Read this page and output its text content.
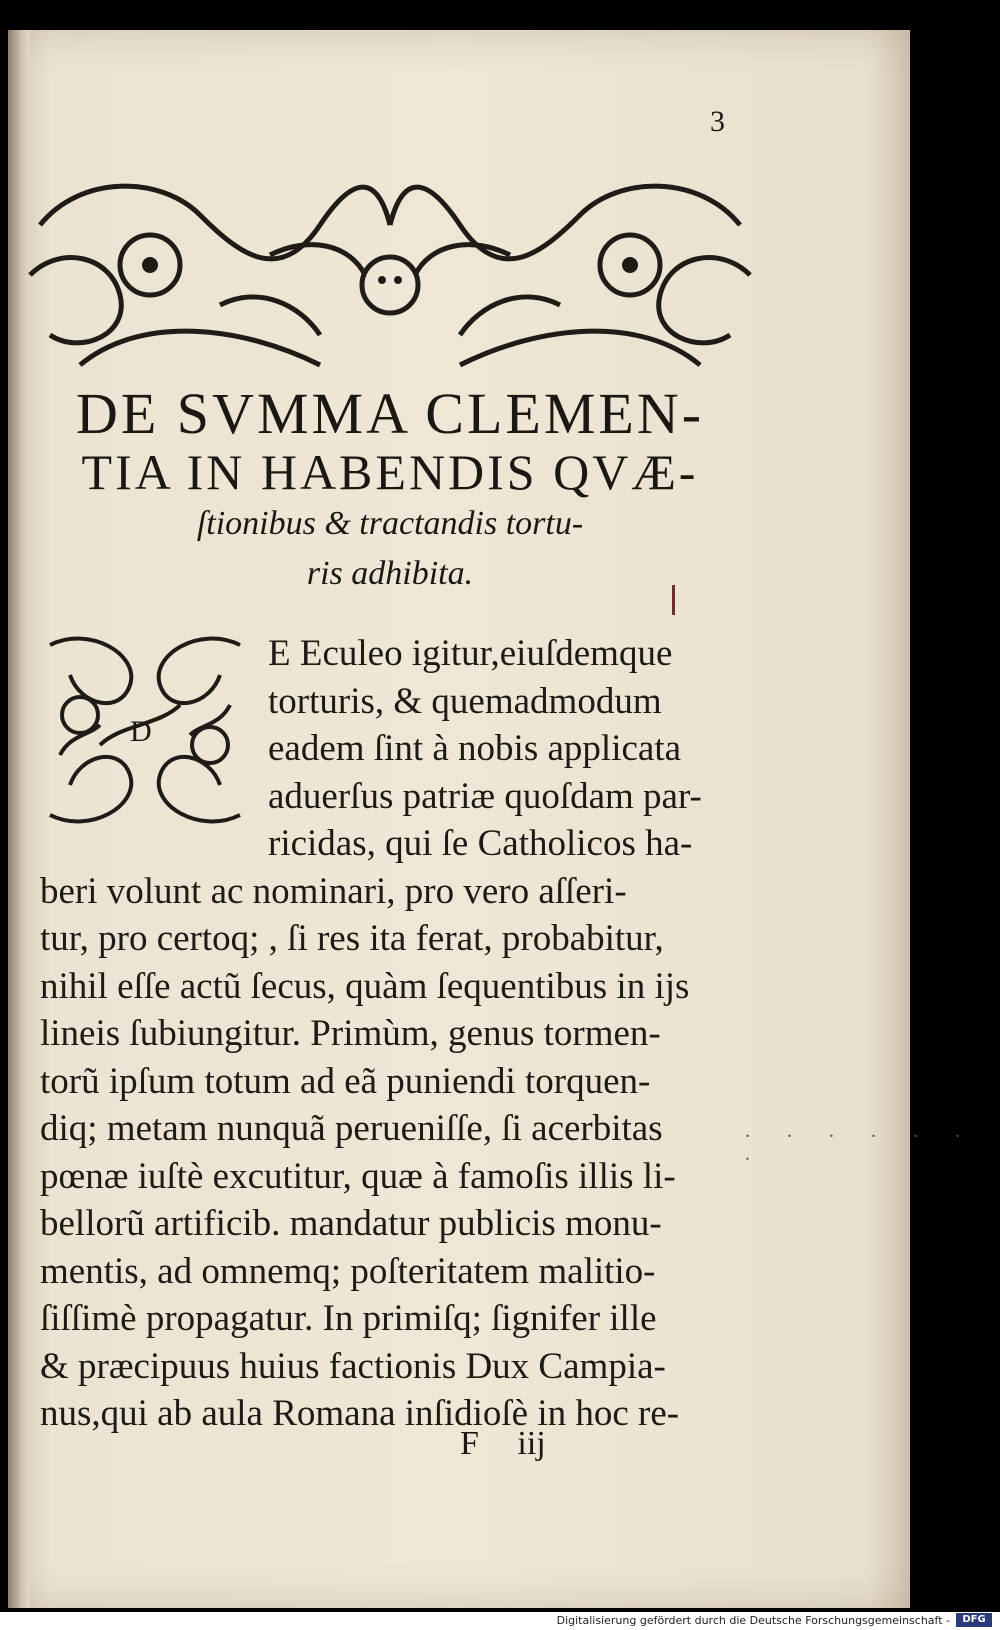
3
DE SVMMA CLEMEN-
TIA IN HABENDIS QVÆ-
ſtionibus & tractandis tortu-
ris adhibita.
D
E Eculeo igitur,eiuſdemque
torturis, & quemadmodum
eadem ſint à nobis applicata
aduerſus patriæ quoſdam par-
ricidas, qui ſe Catholicos ha-
beri volunt ac nominari, pro vero aſſeri-
tur, pro certoq; , ſi res ita ferat, probabitur,
nihil eſſe actũ ſecus, quàm ſequentibus in ijs
lineis ſubiungitur. Primùm, genus tormen-
torũ ipſum totum ad eã puniendi torquen-
diq; metam nunquã perueniſſe, ſi acerbitas
pœnæ iuſtè excutitur, quæ à famoſis illis li-
bellorũ artificib. mandatur publicis monu-
mentis, ad omnemq; poſteritatem malitio-
ſiſſimè propagatur. In primiſq; ſignifer ille
& præcipuus huius factionis Dux Campia-
nus,qui ab aula Romana inſidioſè in hoc re-
. . . . . . .
F iij
Digitalisierung gefördert durch die Deutsche Forschungsgemeinschaft -	DFG
